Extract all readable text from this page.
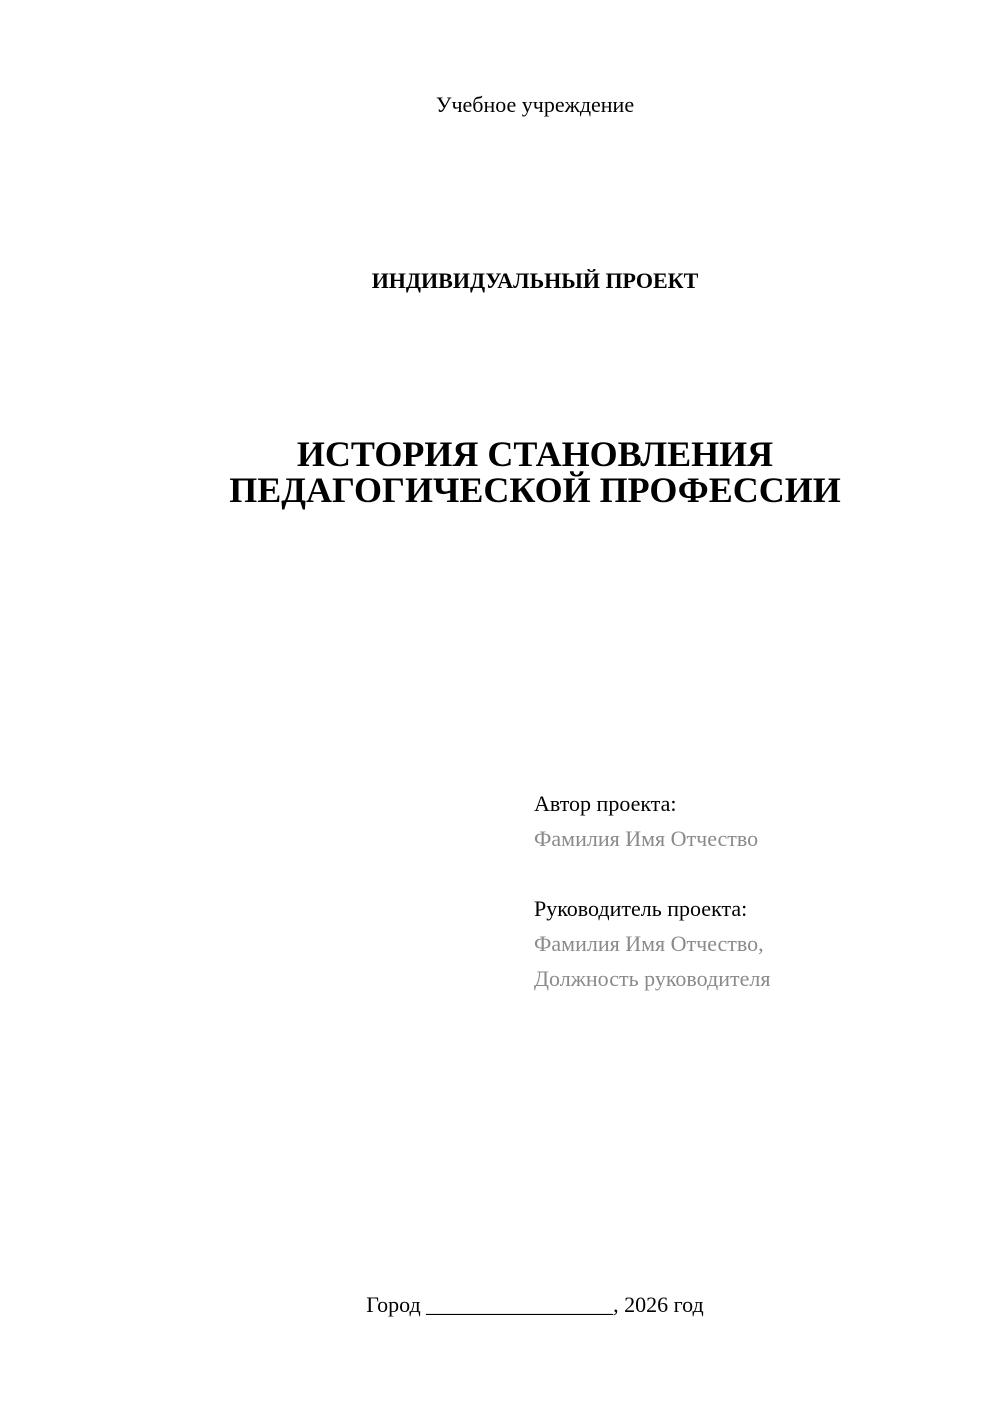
Учебное учреждение
ИНДИВИДУАЛЬНЫЙ ПРОЕКТ
ИСТОРИЯ СТАНОВЛЕНИЯ
ПЕДАГОГИЧЕСКОЙ ПРОФЕССИИ
Автор проекта:
Фамилия Имя Отчество
Руководитель проекта:
Фамилия Имя Отчество,
Должность руководителя
Город _________________, 2026 год
